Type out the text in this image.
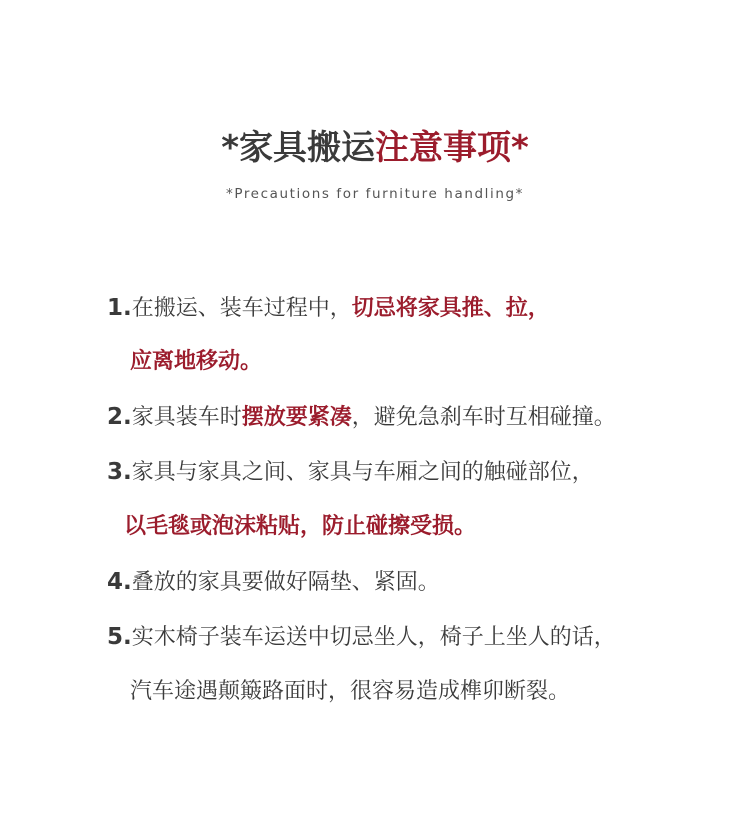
*家具搬运注意事项*
*Precautions for furniture handling*
1.在搬运、装车过程中，切忌将家具推、拉，
应离地移动。
2.家具装车时摆放要紧凑，避免急刹车时互相碰撞。
3.家具与家具之间、家具与车厢之间的触碰部位，
以毛毯或泡沫粘贴，防止碰擦受损。
4.叠放的家具要做好隔垫、紧固。
5.实木椅子装车运送中切忌坐人，椅子上坐人的话，
汽车途遇颠簸路面时，很容易造成榫卯断裂。
